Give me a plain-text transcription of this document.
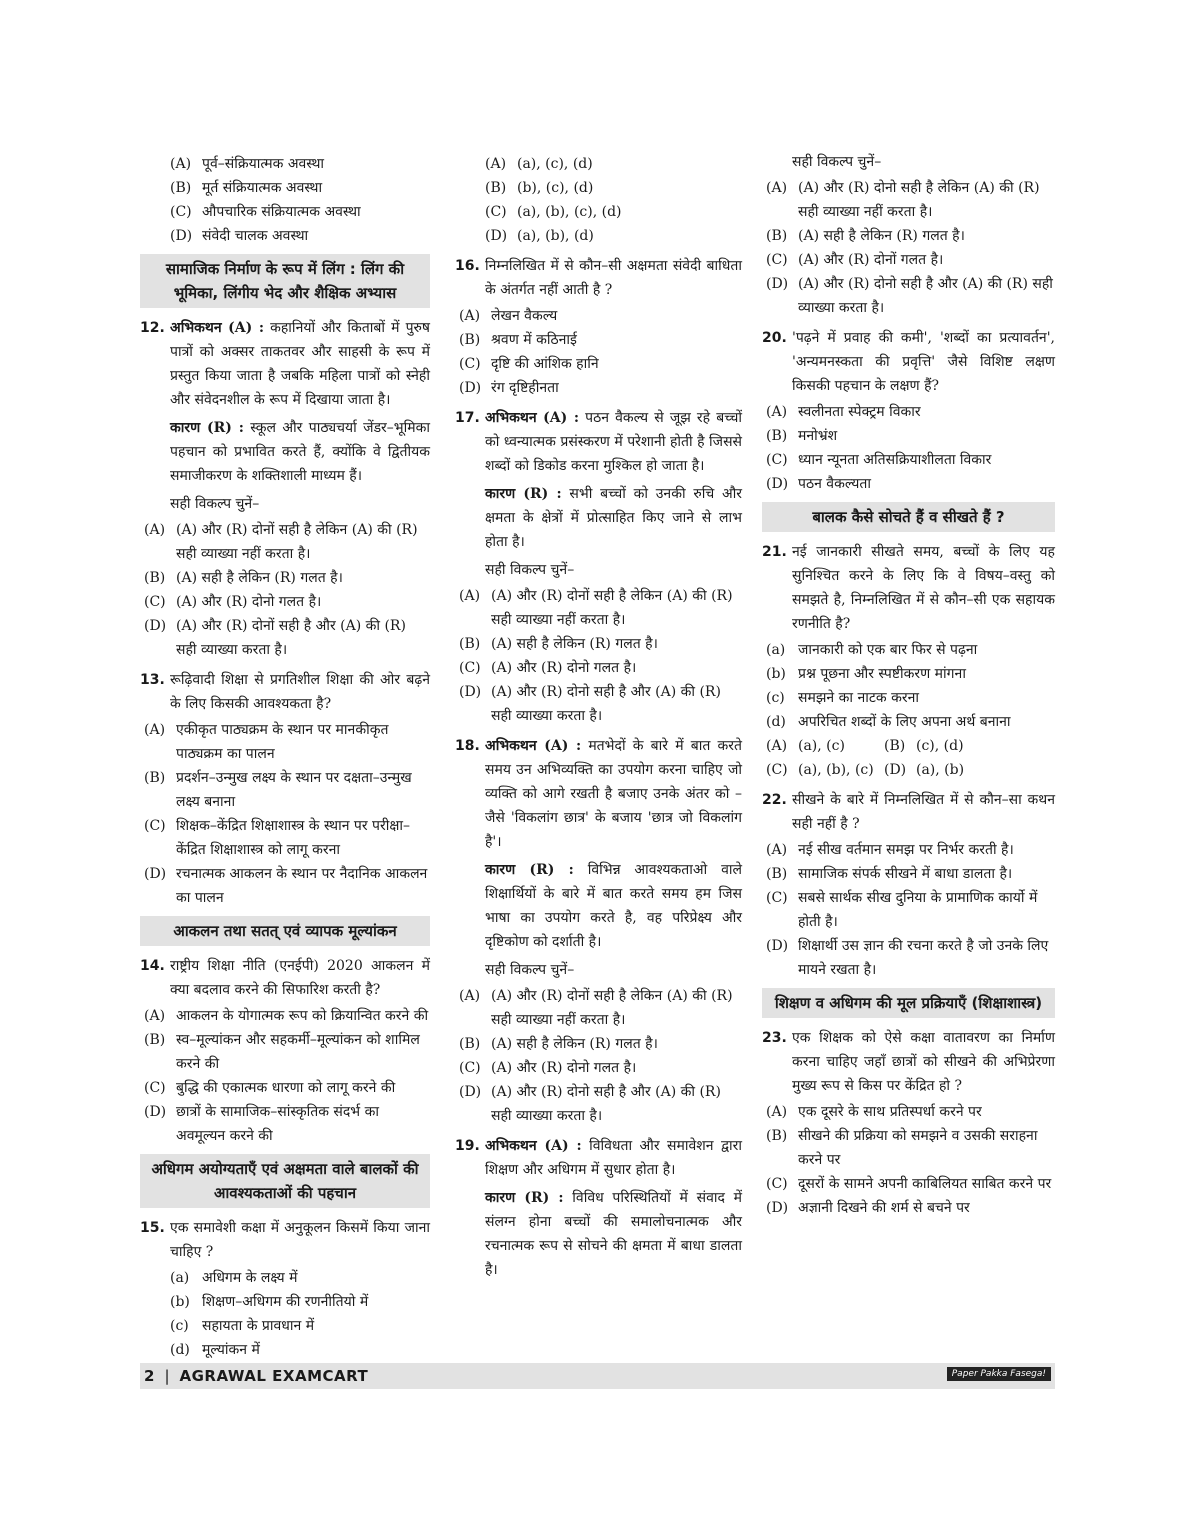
(A) पूर्व–संक्रियात्मक अवस्था
(B) मूर्त संक्रियात्मक अवस्था
(C) औपचारिक संक्रियात्मक अवस्था
(D) संवेदी चालक अवस्था
सामाजिक निर्माण के रूप में लिंग : लिंग की भूमिका, लिंगीय भेद और शैक्षिक अभ्यास
12. अभिकथन (A) : कहानियों और किताबों में पुरुष पात्रों को अक्सर ताकतवर और साहसी के रूप में प्रस्तुत किया जाता है जबकि महिला पात्रों को स्नेही और संवेदनशील के रूप में दिखाया जाता है।
कारण (R) : स्कूल और पाठ्यचर्या जेंडर–भूमिका पहचान को प्रभावित करते हैं, क्योंकि वे द्वितीयक समाजीकरण के शक्तिशाली माध्यम हैं।
सही विकल्प चुनें–
(A) (A) और (R) दोनों सही है लेकिन (A) की (R) सही व्याख्या नहीं करता है।
(B) (A) सही है लेकिन (R) गलत है।
(C) (A) और (R) दोनो गलत है।
(D) (A) और (R) दोनों सही है और (A) की (R) सही व्याख्या करता है।
13. रूढ़िवादी शिक्षा से प्रगतिशील शिक्षा की ओर बढ़ने के लिए किसकी आवश्यकता है?
(A) एकीकृत पाठ्यक्रम के स्थान पर मानकीकृत पाठ्यक्रम का पालन
(B) प्रदर्शन–उन्मुख लक्ष्य के स्थान पर दक्षता–उन्मुख लक्ष्य बनाना
(C) शिक्षक–केंद्रित शिक्षाशास्त्र के स्थान पर परीक्षा–केंद्रित शिक्षाशास्त्र को लागू करना
(D) रचनात्मक आकलन के स्थान पर नैदानिक आकलन का पालन
आकलन तथा सतत् एवं व्यापक मूल्यांकन
14. राष्ट्रीय शिक्षा नीति (एनईपी) 2020 आकलन में क्या बदलाव करने की सिफारिश करती है?
(A) आकलन के योगात्मक रूप को क्रियान्वित करने की
(B) स्व–मूल्यांकन और सहकर्मी–मूल्यांकन को शामिल करने की
(C) बुद्धि की एकात्मक धारणा को लागू करने की
(D) छात्रों के सामाजिक–सांस्कृतिक संदर्भ का अवमूल्यन करने की
अधिगम अयोग्यताएँ एवं अक्षमता वाले बालकों की आवश्यकताओं की पहचान
15. एक समावेशी कक्षा में अनुकूलन किसमें किया जाना चाहिए ?
(a) अधिगम के लक्ष्य में
(b) शिक्षण–अधिगम की रणनीतियो में
(c) सहायता के प्रावधान में
(d) मूल्यांकन में
(A) (a), (c), (d)
(B) (b), (c), (d)
(C) (a), (b), (c), (d)
(D) (a), (b), (d)
16. निम्नलिखित में से कौन–सी अक्षमता संवेदी बाधिता के अंतर्गत नहीं आती है ?
(A) लेखन वैकल्य
(B) श्रवण में कठिनाई
(C) दृष्टि की आंशिक हानि
(D) रंग दृष्टिहीनता
17. अभिकथन (A) : पठन वैकल्य से जूझ रहे बच्चों को ध्वन्यात्मक प्रसंस्करण में परेशानी होती है जिससे शब्दों को डिकोड करना मुश्किल हो जाता है।
कारण (R) : सभी बच्चों को उनकी रुचि और क्षमता के क्षेत्रों में प्रोत्साहित किए जाने से लाभ होता है।
सही विकल्प चुनें–
(A) (A) और (R) दोनों सही है लेकिन (A) की (R) सही व्याख्या नहीं करता है।
(B) (A) सही है लेकिन (R) गलत है।
(C) (A) और (R) दोनो गलत है।
(D) (A) और (R) दोनो सही है और (A) की (R) सही व्याख्या करता है।
18. अभिकथन (A) : मतभेदों के बारे में बात करते समय उन अभिव्यक्ति का उपयोग करना चाहिए जो व्यक्ति को आगे रखती है बजाए उनके अंतर को – जैसे 'विकलांग छात्र' के बजाय 'छात्र जो विकलांग है'।
कारण (R) : विभिन्न आवश्यकताओ वाले शिक्षार्थियों के बारे में बात करते समय हम जिस भाषा का उपयोग करते है, वह परिप्रेक्ष्य और दृष्टिकोण को दर्शाती है।
सही विकल्प चुनें–
(A) (A) और (R) दोनों सही है लेकिन (A) की (R) सही व्याख्या नहीं करता है।
(B) (A) सही है लेकिन (R) गलत है।
(C) (A) और (R) दोनो गलत है।
(D) (A) और (R) दोनो सही है और (A) की (R) सही व्याख्या करता है।
19. अभिकथन (A) : विविधता और समावेशन द्वारा शिक्षण और अधिगम में सुधार होता है।
कारण (R) : विविध परिस्थितियों में संवाद में संलग्न होना बच्चों की समालोचनात्मक और रचनात्मक रूप से सोचने की क्षमता में बाधा डालता है।
सही विकल्प चुनें–
(A) (A) और (R) दोनो सही है लेकिन (A) की (R) सही व्याख्या नहीं करता है।
(B) (A) सही है लेकिन (R) गलत है।
(C) (A) और (R) दोनों गलत है।
(D) (A) और (R) दोनो सही है और (A) की (R) सही व्याख्या करता है।
20. 'पढ़ने में प्रवाह की कमी', 'शब्दों का प्रत्यावर्तन', 'अन्यमनस्कता की प्रवृत्ति' जैसे विशिष्ट लक्षण किसकी पहचान के लक्षण हैं?
(A) स्वलीनता स्पेक्ट्रम विकार
(B) मनोभ्रंश
(C) ध्यान न्यूनता अतिसक्रियाशीलता विकार
(D) पठन वैकल्यता
बालक कैसे सोचते हैं व सीखते हैं ?
21. नई जानकारी सीखते समय, बच्चों के लिए यह सुनिश्चित करने के लिए कि वे विषय–वस्तु को समझते है, निम्नलिखित में से कौन–सी एक सहायक रणनीति है?
(a) जानकारी को एक बार फिर से पढ़ना
(b) प्रश्न पूछना और स्पष्टीकरण मांगना
(c) समझने का नाटक करना
(d) अपरिचित शब्दों के लिए अपना अर्थ बनाना
(A) (a), (c)	(B) (c), (d)
(C) (a), (b), (c) (D) (a), (b)
22. सीखने के बारे में निम्नलिखित में से कौन–सा कथन सही नहीं है ?
(A) नई सीख वर्तमान समझ पर निर्भर करती है।
(B) सामाजिक संपर्क सीखने में बाधा डालता है।
(C) सबसे सार्थक सीख दुनिया के प्रामाणिक कार्यो में होती है।
(D) शिक्षार्थी उस ज्ञान की रचना करते है जो उनके लिए मायने रखता है।
शिक्षण व अधिगम की मूल प्रक्रियाएँ (शिक्षाशास्त्र)
23. एक शिक्षक को ऐसे कक्षा वातावरण का निर्माण करना चाहिए जहाँ छात्रों को सीखने की अभिप्रेरणा मुख्य रूप से किस पर केंद्रित हो ?
(A) एक दूसरे के साथ प्रतिस्पर्धा करने पर
(B) सीखने की प्रक्रिया को समझने व उसकी सराहना करने पर
(C) दूसरों के सामने अपनी काबिलियत साबित करने पर
(D) अज्ञानी दिखने की शर्म से बचने पर
2 | AGRAWAL EXAMCART	Paper Pakka Fasega!
